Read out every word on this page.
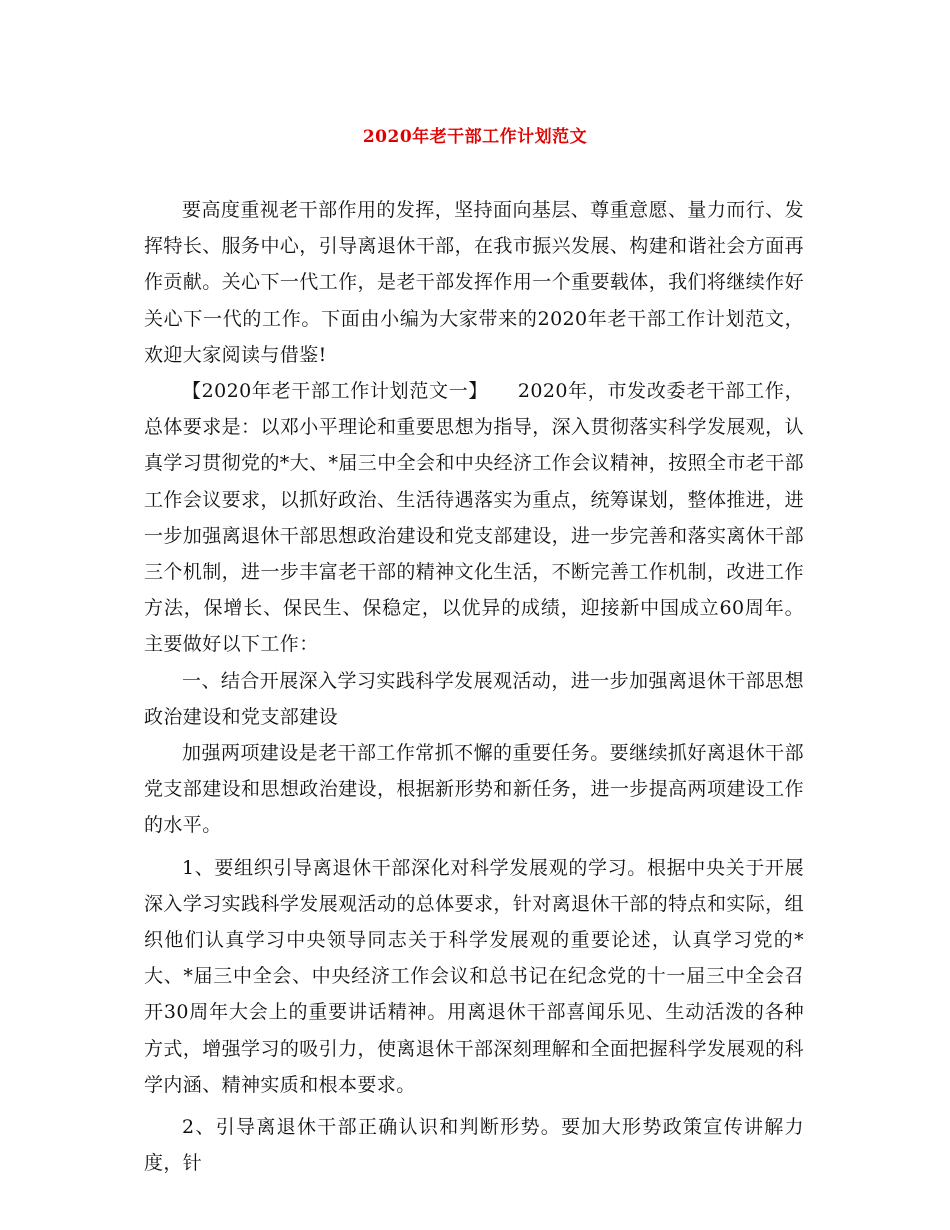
2020年老干部工作计划范文

要高度重视老干部作用的发挥，坚持面向基层、尊重意愿、量力而行、发挥特长、服务中心，引导离退休干部，在我市振兴发展、构建和谐社会方面再作贡献。关心下一代工作，是老干部发挥作用一个重要载体，我们将继续作好关心下一代的工作。下面由小编为大家带来的2020年老干部工作计划范文，欢迎大家阅读与借鉴!

【2020年老干部工作计划范文一】　　2020年，市发改委老干部工作，总体要求是：以邓小平理论和重要思想为指导，深入贯彻落实科学发展观，认真学习贯彻党的*大、*届三中全会和中央经济工作会议精神，按照全市老干部工作会议要求，以抓好政治、生活待遇落实为重点，统筹谋划，整体推进，进一步加强离退休干部思想政治建设和党支部建设，进一步完善和落实离休干部三个机制，进一步丰富老干部的精神文化生活，不断完善工作机制，改进工作方法，保增长、保民生、保稳定，以优异的成绩，迎接新中国成立60周年。主要做好以下工作：

一、结合开展深入学习实践科学发展观活动，进一步加强离退休干部思想政治建设和党支部建设

加强两项建设是老干部工作常抓不懈的重要任务。要继续抓好离退休干部党支部建设和思想政治建设，根据新形势和新任务，进一步提高两项建设工作的水平。

1、要组织引导离退休干部深化对科学发展观的学习。根据中央关于开展深入学习实践科学发展观活动的总体要求，针对离退休干部的特点和实际，组织他们认真学习中央领导同志关于科学发展观的重要论述，认真学习党的*大、*届三中全会、中央经济工作会议和总书记在纪念党的十一届三中全会召开30周年大会上的重要讲话精神。用离退休干部喜闻乐见、生动活泼的各种方式，增强学习的吸引力，使离退休干部深刻理解和全面把握科学发展观的科学内涵、精神实质和根本要求。

2、引导离退休干部正确认识和判断形势。要加大形势政策宣传讲解力度，针
